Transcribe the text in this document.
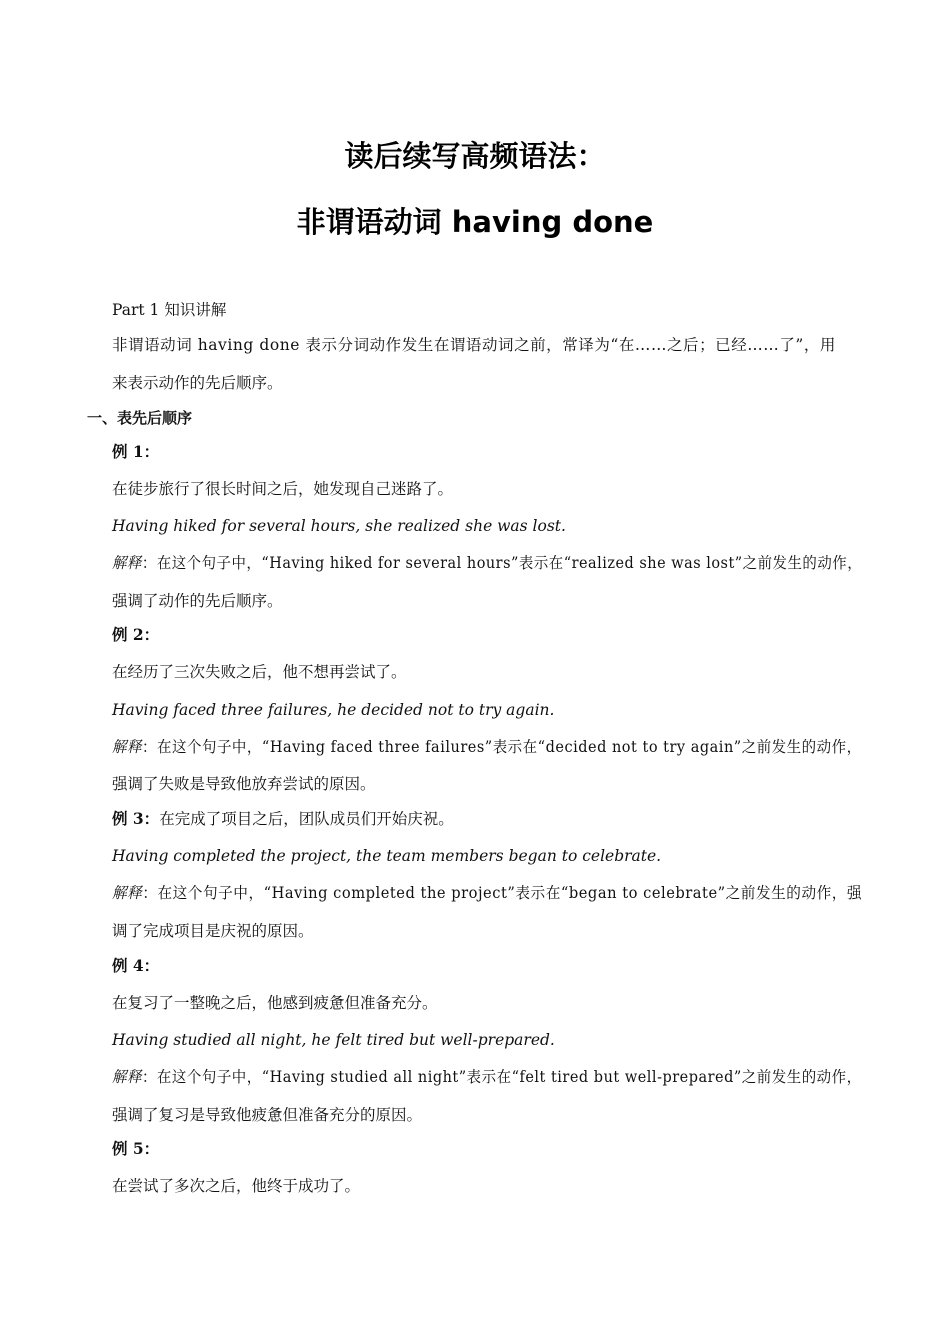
读后续写高频语法：
非谓语动词 having done
Part 1 知识讲解
非谓语动词 having done 表示分词动作发生在谓语动词之前，常译为“在……之后；已经……了”，用
来表示动作的先后顺序。
一、表先后顺序
例 1：
在徒步旅行了很长时间之后，她发现自己迷路了。
Having hiked for several hours, she realized she was lost.
解释：在这个句子中，“Having hiked for several hours”表示在“realized she was lost”之前发生的动作，
强调了动作的先后顺序。
例 2：
在经历了三次失败之后，他不想再尝试了。
Having faced three failures, he decided not to try again.
解释：在这个句子中，“Having faced three failures”表示在“decided not to try again”之前发生的动作，
强调了失败是导致他放弃尝试的原因。
例 3：在完成了项目之后，团队成员们开始庆祝。
Having completed the project, the team members began to celebrate.
解释：在这个句子中，“Having completed the project”表示在“began to celebrate”之前发生的动作，强
调了完成项目是庆祝的原因。
例 4：
在复习了一整晚之后，他感到疲惫但准备充分。
Having studied all night, he felt tired but well-prepared.
解释：在这个句子中，“Having studied all night”表示在“felt tired but well-prepared”之前发生的动作，
强调了复习是导致他疲惫但准备充分的原因。
例 5：
在尝试了多次之后，他终于成功了。
